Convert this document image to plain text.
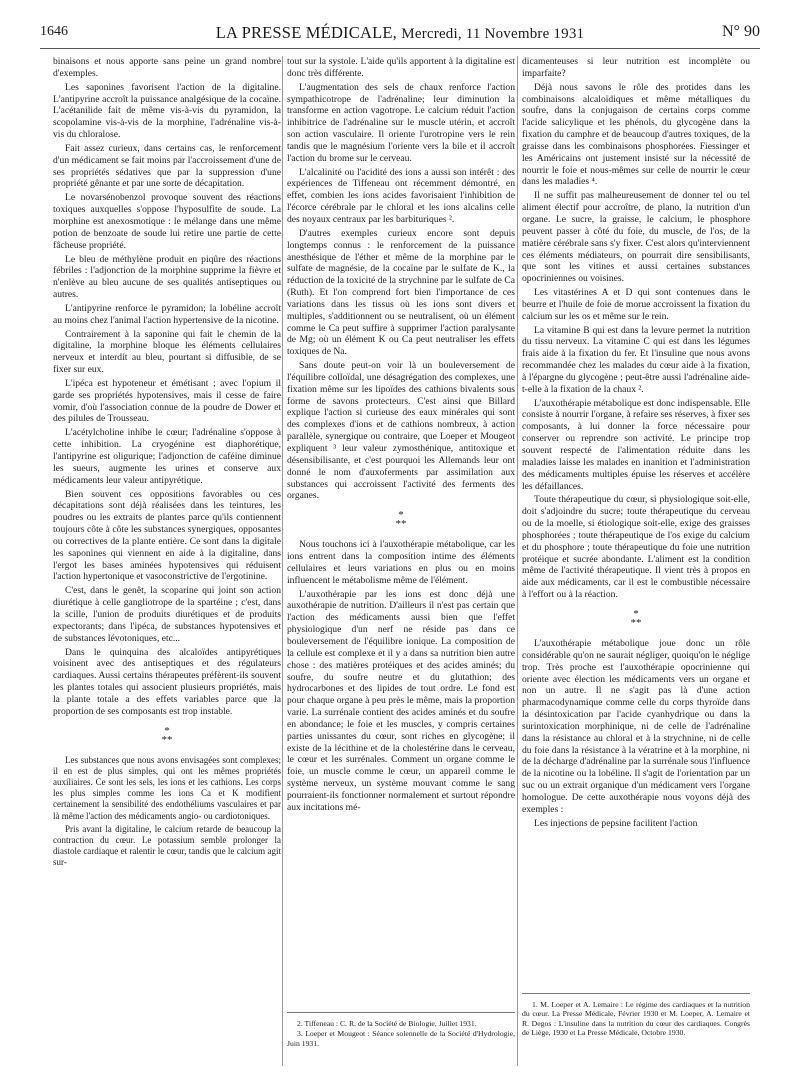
1646	LA PRESSE MÉDICALE, Mercredi, 11 Novembre 1931	N° 90

binaisons et nous apporte sans peine un grand nombre d'exemples.

Les saponines favorisent l'action de la digitaline. L'antipyrine accroît la puissance analgésique de la cocaïne. L'acétanilide fait de même vis-à-vis du pyramidon, la scopolamine vis-à-vis de la morphine, l'adrénaline vis-à-vis du chloralose.

Fait assez curieux, dans certains cas, le renforcement d'un médicament se fait moins par l'accroissement d'une de ses propriétés sédatives que par la suppression d'une propriété gênante et par une sorte de décapitation.

Le novarsénobenzol provoque souvent des réactions toxiques auxquelles s'oppose l'hyposulfite de soude. La morphine est anexosmotique : le mélange dans une même potion de benzoate de soude lui retire une partie de cette fâcheuse propriété.

Le bleu de méthylène produit en piqûre des réactions fébriles : l'adjonction de la morphine supprime la fièvre et n'enlève au bleu aucune de ses qualités antiseptiques ou autres.

L'antipyrine renforce le pyramidon; la lobéline accroît au moins chez l'animal l'action hypertensive de la nicotine.

Contrairement à la saponine qui fait le chemin de la digitaline, la morphine bloque les éléments cellulaires nerveux et interdit au bleu, pourtant si diffusible, de se fixer sur eux.

L'ipéca est hypoteneur et émétisant ; avec l'opium il garde ses propriétés hypotensives, mais il cesse de faire vomir, d'où l'association connue de la poudre de Dower et des pilules de Trousseau.

L'acétylcholine inhibe le cœur; l'adrénaline s'oppose à cette inhibition. La cryogénine est diaphorétique, l'antipyrine est oligurique; l'adjonction de caféine diminue les sueurs, augmente les urines et conserve aux médicaments leur valeur antipyrétique.

Bien souvent ces oppositions favorables ou ces décapitations sont déjà réalisées dans les teintures, les poudres ou les extraits de plantes parce qu'ils contiennent toujours côte à côte les substances synergiques, opposantes ou correctives de la plante entière. Ce sont dans la digitale les saponines qui viennent en aide à la digitaline, dans l'ergot les bases aminées hypotensives qui réduisent l'action hypertonique et vasoconstrictive de l'ergotinine.

C'est, dans le genêt, la scoparine qui joint son action diurétique à celle gangliotrope de la spartéine ; c'est, dans la scille, l'union de produits diurétiques et de produits expectorants; dans l'ipéca, de substances hypotensives et de substances lévotoniques, etc...

Dans le quinquina des alcaloïdes antipyrétiques voisinent avec des antiseptiques et des régulateurs cardiaques. Aussi certains thérapeutes préfèrent-ils souvent les plantes totales qui associent plusieurs propriétés, mais la plante totale a des effets variables parce que la proportion de ses composants est trop instable.

*
**

Les substances que nous avons envisagées sont complexes; il en est de plus simples, qui ont les mêmes propriétés auxiliaires. Ce sont les sels, les ions et les cathions. Les corps les plus simples comme les ions Ca et K modifient certainement la sensibilité des endothéliums vasculaires et par là même l'action des médicaments angio- ou cardiotoniques.

Pris avant la digitaline, le calcium retarde de beaucoup la contraction du cœur. Le potassium semble prolonger la diastole cardiaque et ralentir le cœur, tandis que le calcium agit sur-

tout sur la systole. L'aide qu'ils apportent à la digitaline est donc très différente.

L'augmentation des sels de chaux renforce l'action sympathicotrope de l'adrénaline; leur diminution la transforme en action vagotrope. Le calcium réduit l'action inhibitrice de l'adrénaline sur le muscle utérin, et accroît son action vasculaire. Il oriente l'urotropine vers le rein tandis que le magnésium l'oriente vers la bile et il accroît l'action du brome sur le cerveau.

L'alcalinité ou l'acidité des ions a aussi son intérêt : des expériences de Tiffeneau ont récemment démontré, en effet, combien les ions acides favorisaient l'inhibition de l'écorce cérébrale par le chloral et les ions alcalins celle des noyaux centraux par les barbituriques ².

D'autres exemples curieux encore sont depuis longtemps connus : le renforcement de la puissance anesthésique de l'éther et même de la morphine par le sulfate de magnésie, de la cocaïne par le sulfate de K., la réduction de la toxicité de la strychnine par le sulfate de Ca (Ruth). Et l'on comprend fort bien l'importance de ces variations dans les tissus où les ions sont divers et multiples, s'additionnent ou se neutralisent, où un élément comme le Ca peut suffire à supprimer l'action paralysante de Mg; où un élément K ou Ca peut neutraliser les effets toxiques de Na.

Sans doute peut-on voir là un bouleversement de l'équilibre colloïdal, une désagrégation des complexes, une fixation même sur les lipoïdes des cathions bivalents sous forme de savons protecteurs. C'est ainsi que Billard explique l'action si curieuse des eaux minérales qui sont des complexes d'ions et de cathions nombreux, à action parallèle, synergique ou contraire, que Loeper et Mougeot expliquent ³ leur valeur zymosthénique, antitoxique et désensibilisante, et c'est pourquoi les Allemands leur ont donné le nom d'auxoferments par assimilation aux substances qui accroissent l'activité des ferments des organes.

*
**

Nous touchons ici à l'auxothérapie métabolique, car les ions entrent dans la composition intime des éléments cellulaires et leurs variations en plus ou en moins influencent le métabolisme même de l'élément.

L'auxothérapie par les ions est donc déjà une auxothérapie de nutrition. D'ailleurs il n'est pas certain que l'action des médicaments aussi bien que l'effet physiologique d'un nerf ne réside pas dans ce bouleversement de l'équilibre ionique. La composition de la cellule est complexe et il y a dans sa nutrition bien autre chose : des matières protéiques et des acides aminés; du soufre, du soufre neutre et du glutathion; des hydrocarbones et des lipides de tout ordre. Le fond est pour chaque organe à peu près le même, mais la proportion varie. La surrénale contient des acides aminés et du soufre en abondance; le foie et les muscles, y compris certaines parties unissantes du cœur, sont riches en glycogène; il existe de la lécithine et de la cholestérine dans le cerveau, le cœur et les surrénales. Comment un organe comme le foie, un muscle comme le cœur, un appareil comme le système nerveux, un système mouvant comme le sang pourraient-ils fonctionner normalement et surtout répondre aux incitations mé-

dicamenteuses si leur nutrition est incomplète ou imparfaite?

Déjà nous savons le rôle des protides dans les combinaisons alcaloïdiques et même métalliques du soufre, dans la conjugaison de certains corps comme l'acide salicylique et les phénols, du glycogène dans la fixation du camphre et de beaucoup d'autres toxiques, de la graisse dans les combinaisons phosphorées. Fiessinger et les Américains ont justement insisté sur la nécessité de nourrir le foie et nous-mêmes sur celle de nourrir le cœur dans les maladies ⁴.

Il ne suffit pas malheureusement de donner tel ou tel aliment électif pour accroître, de plano, la nutrition d'un organe. Le sucre, la graisse, le calcium, le phosphore peuvent passer à côté du foie, du muscle, de l'os, de la matière cérébrale sans s'y fixer. C'est alors qu'interviennent ces éléments médiateurs, on pourrait dire sensibilisants, que sont les vitines et aussi certaines substances opocriniennes ou voisines.

Les vitastérines A et D qui sont contenues dans le beurre et l'huile de foie de morue accroissent la fixation du calcium sur les os et même sur le rein.

La vitamine B qui est dans la levure permet la nutrition du tissu nerveux. La vitamine C qui est dans les légumes frais aide à la fixation du fer. Et l'insuline que nous avons recommandée chez les malades du cœur aide à la fixation, à l'épargne du glycogène ; peut-être aussi l'adrénaline aide-t-elle à la fixation de la chaux ².

L'auxothérapie métabolique est donc indispensable. Elle consiste à nourrir l'organe, à refaire ses réserves, à fixer ses composants, à lui donner la force nécessaire pour conserver ou reprendre son activité. Le principe trop souvent respecté de l'alimentation réduite dans les maladies laisse les malades en inanition et l'administration des médicaments multiples épuise les réserves et accélère les défaillances.

Toute thérapeutique du cœur, si physiologique soit-elle, doit s'adjoindre du sucre; toute thérapeutique du cerveau ou de la moelle, si étiologique soit-elle, exige des graisses phosphorées ; toute thérapeutique de l'os exige du calcium et du phosphore ; toute thérapeutique du foie une nutrition protéique et sucrée abondante. L'aliment est la condition même de l'activité thérapeutique. Il vient très à propos en aide aux médicaments, car il est le combustible nécessaire à l'effort ou à la réaction.

*
**

L'auxothérapie métabolique joue donc un rôle considérable qu'on ne saurait négliger, quoiqu'on le néglige trop. Très proche est l'auxothérapie opocrinienne qui oriente avec élection les médicaments vers un organe et non un autre. Il ne s'agit pas là d'une action pharmacodynamique comme celle du corps thyroïde dans la désintoxication par l'acide cyanhydrique ou dans la surintoxication morphinique, ni de celle de l'adrénaline dans la résistance au chloral et à la strychnine, ni de celle du foie dans la résistance à la vératrine et à la morphine, ni de la décharge d'adrénaline par la surrénale sous l'influence de la nicotine ou la lobéline. Il s'agit de l'orientation par un suc ou un extrait organique d'un médicament vers l'organe homologue. De cette auxothérapie nous voyons déjà des exemples :

Les injections de pepsine facilitent l'action

2. Tiffeneau : C. R. de la Société de Biologie, Juillet 1931.

3. Loeper et Mougeot : Séance solennelle de la Société d'Hydrologie, Juin 1931.

1. M. Loeper et A. Lemaire : Le régime des cardiaques et la nutrition du cœur. La Presse Médicale, Février 1930 et M. Loeper, A. Lemaire et R. Degos : L'insuline dans la nutrition du cœur des cardiaques. Congrès de Liège, 1930 et La Presse Médicale, Octobre 1930.
